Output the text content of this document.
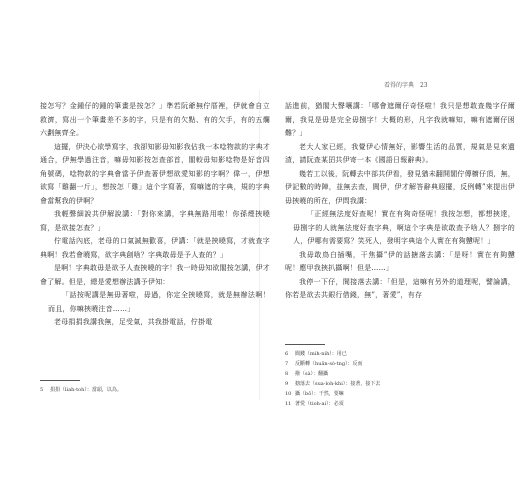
看得的字典 23

接怎写？金鍾仔的鍾的筆畫是按怎？」準若阮爺無佇厝裡，伊就會自立救濟，寫出一个筆畫差不多的字，只是有的欠點、有的欠手，有的五爛六劃無齊全。

這擺，伊決心欲學寫字，我卻知影毋知影我佔我一本唸物款的字典才通合，伊無學過注音，嘛毋知影按怎查部首，閣較毋知影唸物是好音四角號碼，唸物款的字典會當予伊查著伊想欲愛知影的字啊？偉一，伊想欲寫「雞翻一斤」，想按怎「雞」這个字寫著，寫嘛遮的字典，規的字典會當幫我的伊啊？

我輕聲細說共伊解說講：「對你來講，字典無路用啦！你孫煙挾曉寫，是欲接怎查？」

佇電話內底，老母的口氣誠無歡喜，伊講：「就是挾曉寫，才就查字典啊！我若會曉寫，欲字典創啥？字典敢毋是予人查的？」

是啊！字典敢毋是欲予人查挾曉的字！我一時毋知欲閣按怎講，伊才會了解。但是，總是愛想辦法講予伊知：

「話按呢講是無毋著啦，毋過，你定全挾曉寫，就是無辦法啊！而且，你嘛挾曉注音……」

老母捐捐我講我無，足受氣，共我掛電話，佇掛電

5 捐捐（liah-toh）：當頭，以為。

話進前，猶閣大聲嚷講：「哪會遮爾仔奇怪啦！我只是想敢查幾字仔爾爾，我見是毋是完全毋捌字！大概的形，凡字我就嘛知，嘛有遮爾仔困難？」

老大人家已經，我覺伊心情無好，影響生活的品質，規氣是見來遺渣，請阮查某囝共伊寄一本《國語日報辭典》。

幾若工以後，阮轉去中部共伊看，發見猶未翻開閣佇傳櫥仔頂，無，伊記數的時陣，並無去查，閬伊，伊才解答辭典遐擺，反例轉”來提出伊毋挾曉的所在，伊問我講：

「正經無法度好查呢！實在有夠奇怪呢！我按怎想，都想挾達，毋捌字的人就無法度好查字典，啊這个字典是欲敢查予啥人？捌字的人，伊哪有需要寫？笑死人，發明字典這个人實在有夠戇呢！」

我毋敢鳥白插嘴，干焦攝”伊的話搪落去講：「是呀！實在有夠戇呢！應甲我挾扒攝啊！但是……」

我停一下仔，閬接落去講：「但是，這嘛有另外的道理呢，譬論講，你若是欲去共銀行借錢，無”，著愛”，有存

6 閬錢（mih-nih）：用已
7 反斷轉（huân-sò-tng）：反而
8 撥（sà）：翻攝
9 搪落去（sua-loh-khi）：接著，接下去
10 攝（bô）：干然，要嘛
11 著愛（tioh-ai）：必須
